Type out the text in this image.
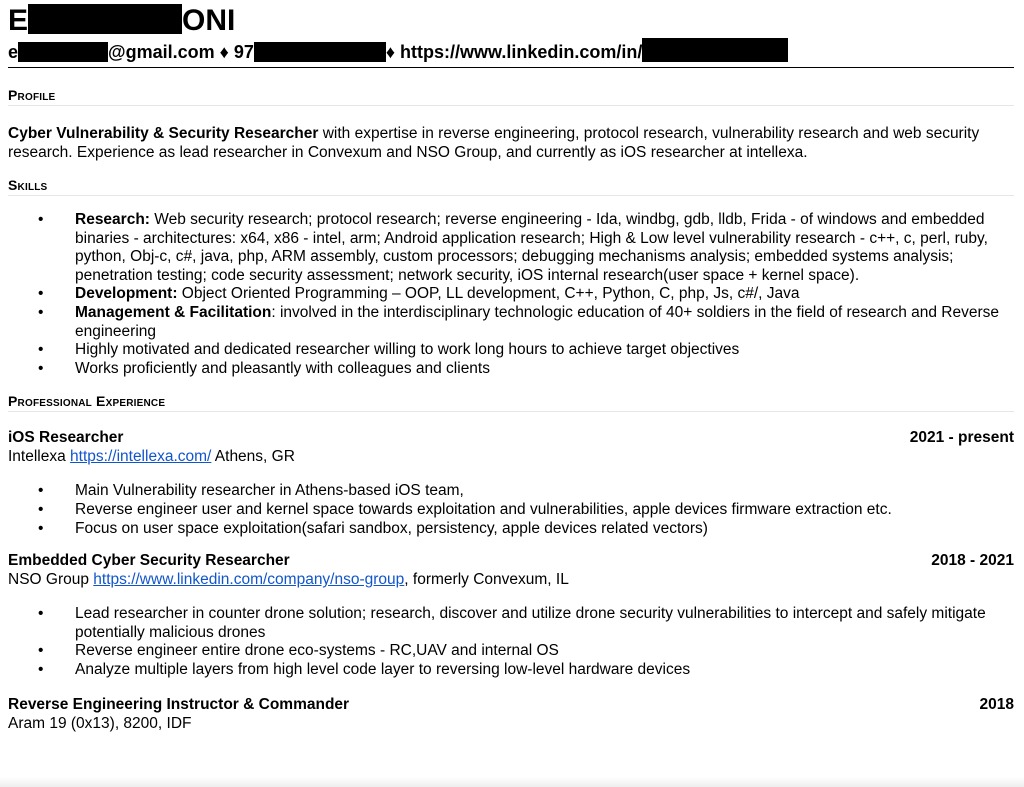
E	ONI
e	@gmail.com ♦ 97	♦ https://www.linkedin.com/in/
Profile

Cyber Vulnerability & Security Researcher with expertise in reverse engineering, protocol research, vulnerability research and web security research. Experience as lead researcher in Convexum and NSO Group, and currently as iOS researcher at intellexa.

Skills
• Research: Web security research; protocol research; reverse engineering - Ida, windbg, gdb, lldb, Frida - of windows and embedded binaries - architectures: x64, x86 - intel, arm; Android application research; High & Low level vulnerability research - c++, c, perl, ruby, python, Obj-c, c#, java, php, ARM assembly, custom processors; debugging mechanisms analysis; embedded systems analysis; penetration testing; code security assessment; network security, iOS internal research(user space + kernel space).
• Development: Object Oriented Programming – OOP, LL development, C++, Python, C, php, Js, c#/, Java
• Management & Facilitation: involved in the interdisciplinary technologic education of 40+ soldiers in the field of research and Reverse engineering
• Highly motivated and dedicated researcher willing to work long hours to achieve target objectives
• Works proficiently and pleasantly with colleagues and clients
Professional Experience
iOS Researcher	2021 - present
Intellexa https://intellexa.com/ Athens, GR
• Main Vulnerability researcher in Athens-based iOS team,
• Reverse engineer user and kernel space towards exploitation and vulnerabilities, apple devices firmware extraction etc.
• Focus on user space exploitation(safari sandbox, persistency, apple devices related vectors)
Embedded Cyber Security Researcher	2018 - 2021
NSO Group https://www.linkedin.com/company/nso-group, formerly Convexum, IL
• Lead researcher in counter drone solution; research, discover and utilize drone security vulnerabilities to intercept and safely mitigate potentially malicious drones
• Reverse engineer entire drone eco-systems - RC,UAV and internal OS
• Analyze multiple layers from high level code layer to reversing low-level hardware devices
Reverse Engineering Instructor & Commander	2018
Aram 19 (0x13), 8200, IDF
